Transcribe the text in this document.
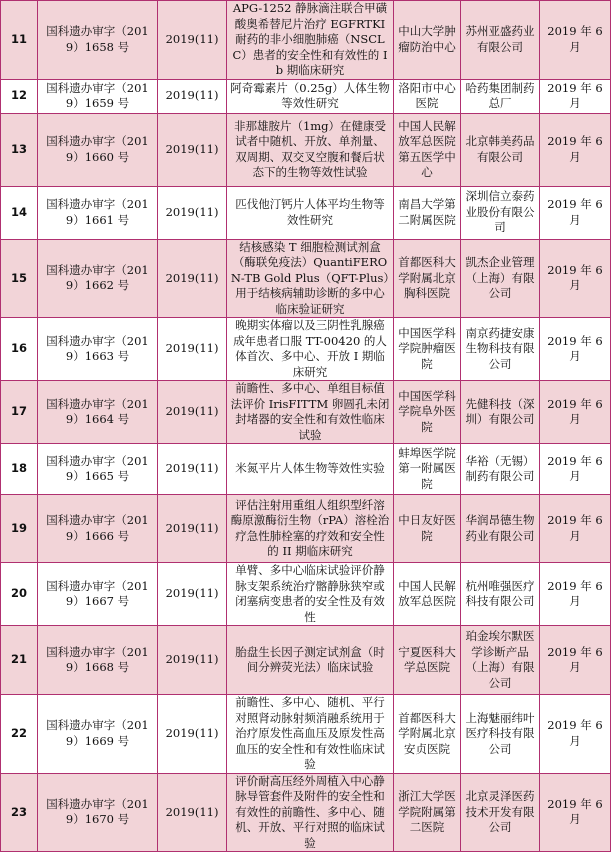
11	国科遗办审字（2019）1658 号	2019(11)	APG-1252 静脉滴注联合甲磺酸奥希替尼片治疗 EGFRTKI 耐药的非小细胞肺癌（NSCLC）患者的安全性和有效性的 Ib 期临床研究	中山大学肿瘤防治中心	苏州亚盛药业有限公司	2019 年 6 月
12	国科遗办审字（2019）1659 号	2019(11)	阿奇霉素片（0.25g）人体生物等效性研究	洛阳市中心医院	哈药集团制药总厂	2019 年 6 月
13	国科遗办审字（2019）1660 号	2019(11)	非那雄胺片（1mg）在健康受试者中随机、开放、单剂量、双周期、双交叉空腹和餐后状态下的生物等效性试验	中国人民解放军总医院第五医学中心	北京韩美药品有限公司	2019 年 6 月
14	国科遗办审字（2019）1661 号	2019(11)	匹伐他汀钙片人体平均生物等效性研究	南昌大学第二附属医院	深圳信立泰药业股份有限公司	2019 年 6 月
15	国科遗办审字（2019）1662 号	2019(11)	结核感染 T 细胞检测试剂盒（酶联免疫法）QuantiFERON-TB Gold Plus（QFT-Plus）用于结核病辅助诊断的多中心临床验证研究	首都医科大学附属北京胸科医院	凯杰企业管理（上海）有限公司	2019 年 6 月
16	国科遗办审字（2019）1663 号	2019(11)	晚期实体瘤以及三阴性乳腺癌成年患者口服 TT-00420 的人体首次、多中心、开放 I 期临床研究	中国医学科学院肿瘤医院	南京药捷安康生物科技有限公司	2019 年 6 月
17	国科遗办审字（2019）1664 号	2019(11)	前瞻性、多中心、单组目标值法评价 IrisFITTM 卵圆孔未闭封堵器的安全性和有效性临床试验	中国医学科学院阜外医院	先健科技（深圳）有限公司	2019 年 6 月
18	国科遗办审字（2019）1665 号	2019(11)	米氮平片人体生物等效性实验	蚌埠医学院第一附属医院	华裕（无锡）制药有限公司	2019 年 6 月
19	国科遗办审字（2019）1666 号	2019(11)	评估注射用重组人组织型纤溶酶原激酶衍生物（rPA）溶栓治疗急性肺栓塞的疗效和安全性的 II 期临床研究	中日友好医院	华润昂德生物药业有限公司	2019 年 6 月
20	国科遗办审字（2019）1667 号	2019(11)	单臂、多中心临床试验评价静脉支架系统治疗髂静脉狭窄或闭塞病变患者的安全性及有效性	中国人民解放军总医院	杭州唯强医疗科技有限公司	2019 年 6 月
21	国科遗办审字（2019）1668 号	2019(11)	胎盘生长因子测定试剂盒（时间分辨荧光法）临床试验	宁夏医科大学总医院	珀金埃尔默医学诊断产品（上海）有限公司	2019 年 6 月
22	国科遗办审字（2019）1669 号	2019(11)	前瞻性、多中心、随机、平行对照肾动脉射频消融系统用于治疗原发性高血压及原发性高血压的安全性和有效性临床试验	首都医科大学附属北京安贞医院	上海魅丽纬叶医疗科技有限公司	2019 年 6 月
23	国科遗办审字（2019）1670 号	2019(11)	评价耐高压经外周植入中心静脉导管套件及附件的安全性和有效性的前瞻性、多中心、随机、开放、平行对照的临床试验	浙江大学医学院附属第二医院	北京灵泽医药技术开发有限公司	2019 年 6 月
